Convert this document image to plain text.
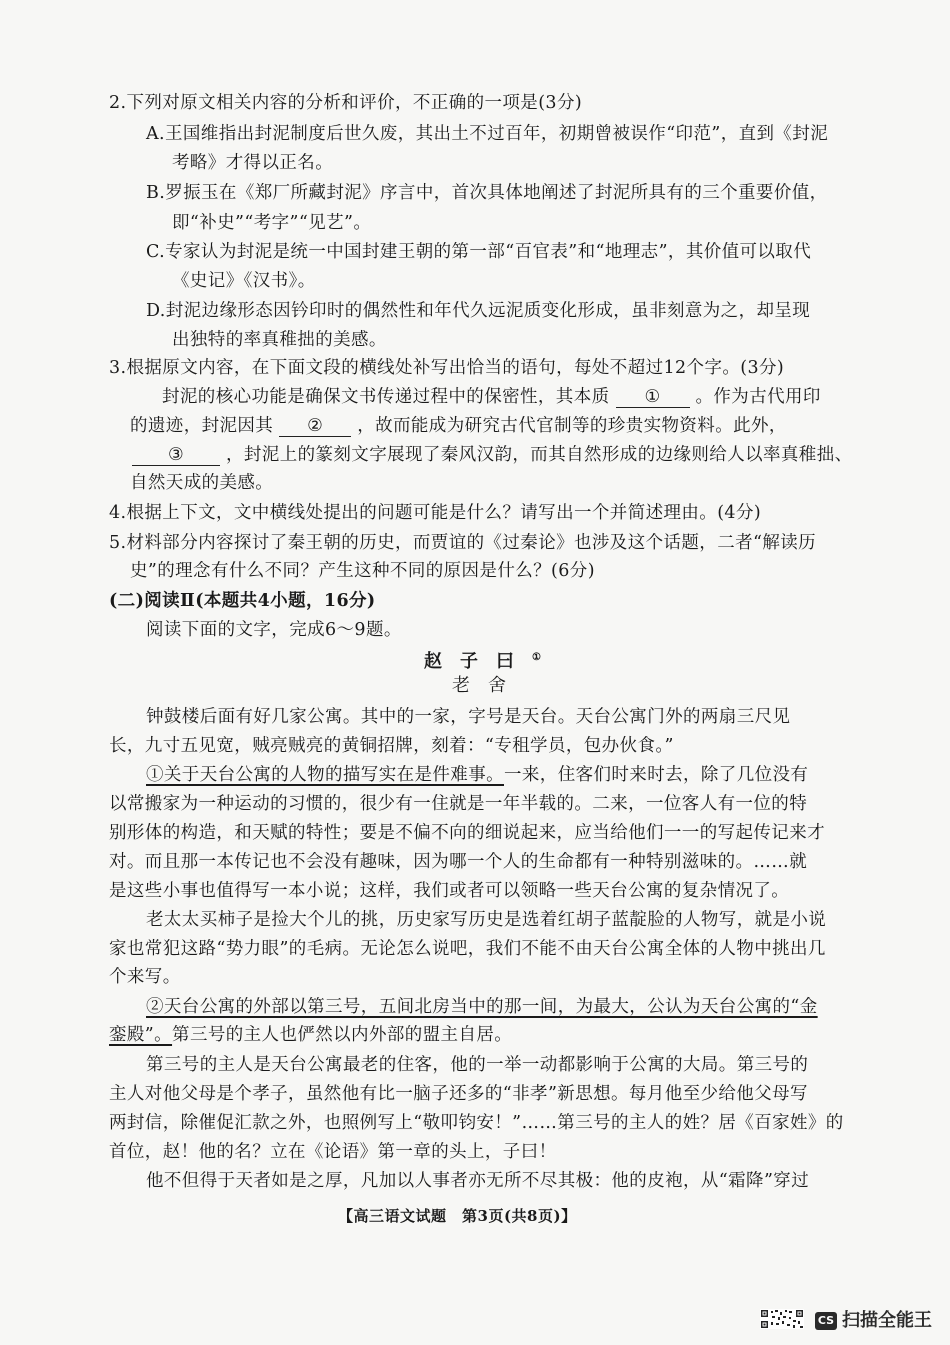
2.下列对原文相关内容的分析和评价，不正确的一项是(3分)
A.王国维指出封泥制度后世久废，其出土不过百年，初期曾被误作“印范”，直到《封泥
考略》才得以正名。
B.罗振玉在《郑厂所藏封泥》序言中，首次具体地阐述了封泥所具有的三个重要价值，
即“补史”“考字”“见艺”。
C.专家认为封泥是统一中国封建王朝的第一部“百官表”和“地理志”，其价值可以取代
《史记》《汉书》。
D.封泥边缘形态因钤印时的偶然性和年代久远泥质变化形成，虽非刻意为之，却呈现
出独特的率真稚拙的美感。
3.根据原文内容，在下面文段的横线处补写出恰当的语句，每处不超过12个字。(3分)
封泥的核心功能是确保文书传递过程中的保密性，其本质 ① 。作为古代用印
的遗迹，封泥因其 ② ，故而能成为研究古代官制等的珍贵实物资料。此外，
③ ，封泥上的篆刻文字展现了秦风汉韵，而其自然形成的边缘则给人以率真稚拙、
自然天成的美感。
4.根据上下文，文中横线处提出的问题可能是什么？请写出一个并简述理由。(4分)
5.材料部分内容探讨了秦王朝的历史，而贾谊的《过秦论》也涉及这个话题，二者“解读历
史”的理念有什么不同？产生这种不同的原因是什么？(6分)
(二)阅读Ⅱ(本题共4小题，16分)
阅读下面的文字，完成6～9题。
赵子曰①
老舍
钟鼓楼后面有好几家公寓。其中的一家，字号是天台。天台公寓门外的两扇三尺见
长，九寸五见宽，贼亮贼亮的黄铜招牌，刻着：“专租学员，包办伙食。”
①关于天台公寓的人物的描写实在是件难事。一来，住客们时来时去，除了几位没有
以常搬家为一种运动的习惯的，很少有一住就是一年半载的。二来，一位客人有一位的特
别形体的构造，和天赋的特性；要是不偏不向的细说起来，应当给他们一一的写起传记来才
对。而且那一本传记也不会没有趣味，因为哪一个人的生命都有一种特别滋味的。……就
是这些小事也值得写一本小说；这样，我们或者可以领略一些天台公寓的复杂情况了。
老太太买柿子是捡大个儿的挑，历史家写历史是选着红胡子蓝靛脸的人物写，就是小说
家也常犯这路“势力眼”的毛病。无论怎么说吧，我们不能不由天台公寓全体的人物中挑出几
个来写。
②天台公寓的外部以第三号，五间北房当中的那一间，为最大，公认为天台公寓的“金
銮殿”。第三号的主人也俨然以内外部的盟主自居。
第三号的主人是天台公寓最老的住客，他的一举一动都影响于公寓的大局。第三号的
主人对他父母是个孝子，虽然他有比一脑子还多的“非孝”新思想。每月他至少给他父母写
两封信，除催促汇款之外，也照例写上“敬叩钧安！”……第三号的主人的姓？居《百家姓》的
首位，赵！他的名？立在《论语》第一章的头上，子曰！
他不但得于天者如是之厚，凡加以人事者亦无所不尽其极：他的皮袍，从“霜降”穿过
【高三语文试题　第3页(共8页)】
CS 扫描全能王
